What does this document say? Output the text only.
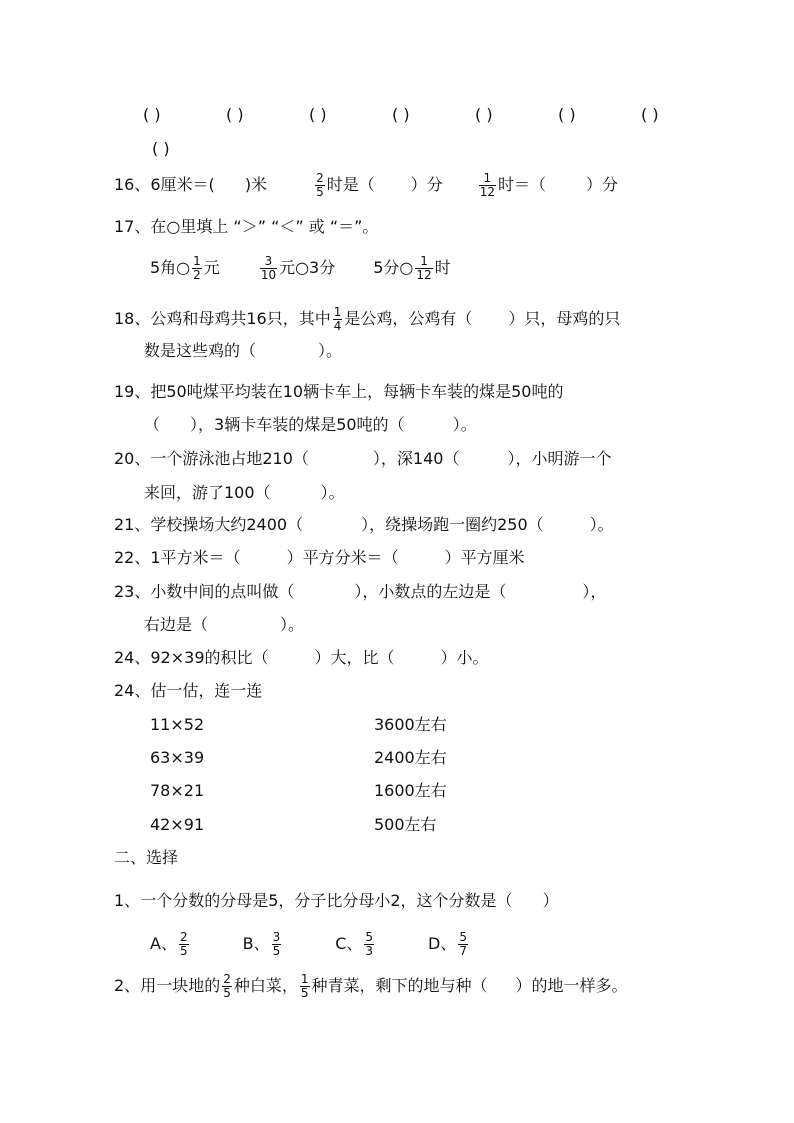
( )	( )	( )	( )	( )	( )	( )
( )
16、6厘米＝( )米	$\frac{2}{5}$ 时是（ ）分	$\frac{1}{12}$ 时＝（	）分
17、在○里填上 “＞” “＜” 或 “＝”。
5角○ $\frac{1}{2}$ 元	$\frac{3}{10}$ 元○3分 5分○ $\frac{1}{12}$ 时
18、公鸡和母鸡共16只，其中 $\frac{1}{4}$ 是公鸡，公鸡有（ ）只，母鸡的只
数是这些鸡的（	）。
19、把50吨煤平均装在10辆卡车上，每辆卡车装的煤是50吨的
（ ），3辆卡车装的煤是50吨的（	）。
20、一个游泳池占地210（	），深140（	），小明游一个
来回，游了100（	）。
21、学校操场大约2400（	），绕操场跑一圈约250（	）。
22、1平方米＝（	）平方分米＝（	）平方厘米
23、小数中间的点叫做（	），小数点的左边是（	），
右边是（	）。
24、92×39的积比（	）大，比（	）小。
24、估一估，连一连
11×52	3600左右
63×39	2400左右
78×21	1600左右
42×91	500左右
二、选择
1、一个分数的分母是5，分子比分母小2，这个分数是（ ）
A、 $\frac{2}{5}$	B、 $\frac{3}{5}$	C、 $\frac{5}{3}$	D、 $\frac{5}{7}$
2、用一块地的 $\frac{2}{5}$ 种白菜， $\frac{1}{5}$ 种青菜，剩下的地与种（ ）的地一样多。
